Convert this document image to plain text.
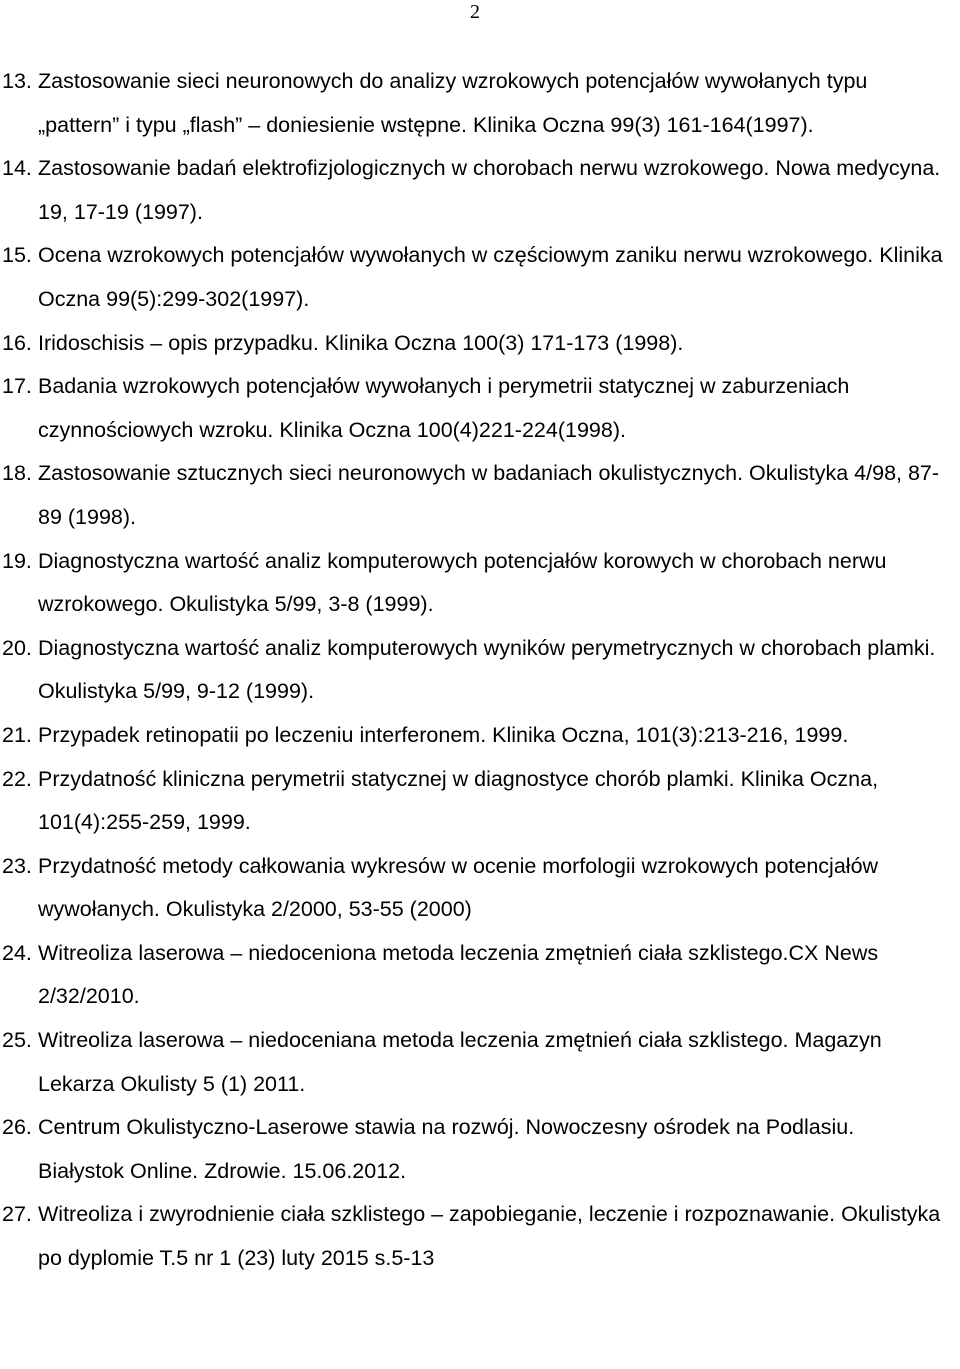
2
13. Zastosowanie sieci neuronowych do analizy wzrokowych potencjałów wywołanych typu „pattern” i typu „flash” – doniesienie wstępne. Klinika Oczna 99(3) 161-164(1997).
14. Zastosowanie badań elektrofizjologicznych w chorobach nerwu wzrokowego. Nowa medycyna. 19, 17-19 (1997).
15. Ocena wzrokowych potencjałów wywołanych w częściowym zaniku nerwu wzrokowego. Klinika Oczna 99(5):299-302(1997).
16. Iridoschisis – opis przypadku. Klinika Oczna 100(3) 171-173 (1998).
17. Badania wzrokowych potencjałów wywołanych i perymetrii statycznej w zaburzeniach czynnościowych wzroku. Klinika Oczna 100(4)221-224(1998).
18. Zastosowanie sztucznych sieci neuronowych w badaniach okulistycznych. Okulistyka 4/98, 87-89 (1998).
19. Diagnostyczna wartość analiz komputerowych potencjałów korowych w chorobach nerwu wzrokowego. Okulistyka 5/99, 3-8 (1999).
20. Diagnostyczna wartość analiz komputerowych wyników perymetrycznych w chorobach plamki. Okulistyka 5/99, 9-12 (1999).
21. Przypadek retinopatii po leczeniu interferonem. Klinika Oczna, 101(3):213-216, 1999.
22. Przydatność kliniczna perymetrii statycznej w diagnostyce chorób plamki. Klinika Oczna, 101(4):255-259, 1999.
23. Przydatność metody całkowania wykresów w ocenie morfologii wzrokowych potencjałów wywołanych. Okulistyka 2/2000, 53-55 (2000)
24. Witreoliza laserowa – niedoceniona metoda leczenia zmętnień ciała szklistego.CX News 2/32/2010.
25. Witreoliza laserowa – niedoceniana metoda leczenia zmętnień ciała szklistego. Magazyn Lekarza Okulisty 5 (1) 2011.
26. Centrum Okulistyczno-Laserowe stawia na rozwój. Nowoczesny ośrodek na Podlasiu. Białystok Online. Zdrowie. 15.06.2012.
27. Witreoliza i zwyrodnienie ciała szklistego – zapobieganie, leczenie i rozpoznawanie. Okulistyka po dyplomie T.5 nr 1 (23) luty 2015 s.5-13
